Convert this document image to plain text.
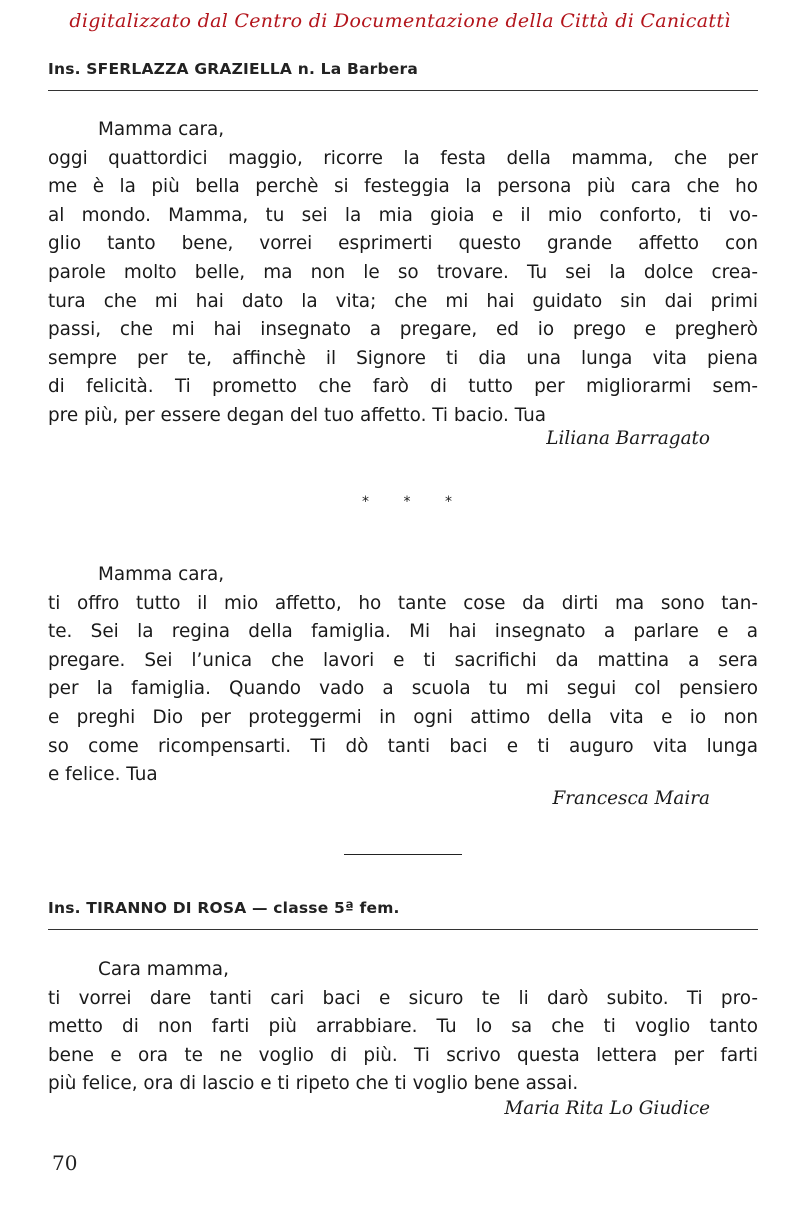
digitalizzato dal Centro di Documentazione della Città di Canicattì
Ins. SFERLAZZA GRAZIELLA n. La Barbera
Mamma cara,
oggi quattordici maggio, ricorre la festa della mamma, che per
me è la più bella perchè si festeggia la persona più cara che ho
al mondo. Mamma, tu sei la mia gioia e il mio conforto, ti vo-
glio tanto bene, vorrei esprimerti questo grande affetto con
parole molto belle, ma non le so trovare. Tu sei la dolce crea-
tura che mi hai dato la vita; che mi hai guidato sin dai primi
passi, che mi hai insegnato a pregare, ed io prego e pregherò
sempre per te, affinchè il Signore ti dia una lunga vita piena
di felicità. Ti prometto che farò di tutto per migliorarmi sem-
pre più, per essere degan del tuo affetto. Ti bacio. Tua
Liliana Barragato
* * *
Mamma cara,
ti offro tutto il mio affetto, ho tante cose da dirti ma sono tan-
te. Sei la regina della famiglia. Mi hai insegnato a parlare e a
pregare. Sei l’unica che lavori e ti sacrifichi da mattina a sera
per la famiglia. Quando vado a scuola tu mi segui col pensiero
e preghi Dio per proteggermi in ogni attimo della vita e io non
so come ricompensarti. Ti dò tanti baci e ti auguro vita lunga
e felice. Tua
Francesca Maira
Ins. TIRANNO DI ROSA — classe 5ª fem.
Cara mamma,
ti vorrei dare tanti cari baci e sicuro te li darò subito. Ti pro-
metto di non farti più arrabbiare. Tu lo sa che ti voglio tanto
bene e ora te ne voglio di più. Ti scrivo questa lettera per farti
più felice, ora di lascio e ti ripeto che ti voglio bene assai.
Maria Rita Lo Giudice
70
